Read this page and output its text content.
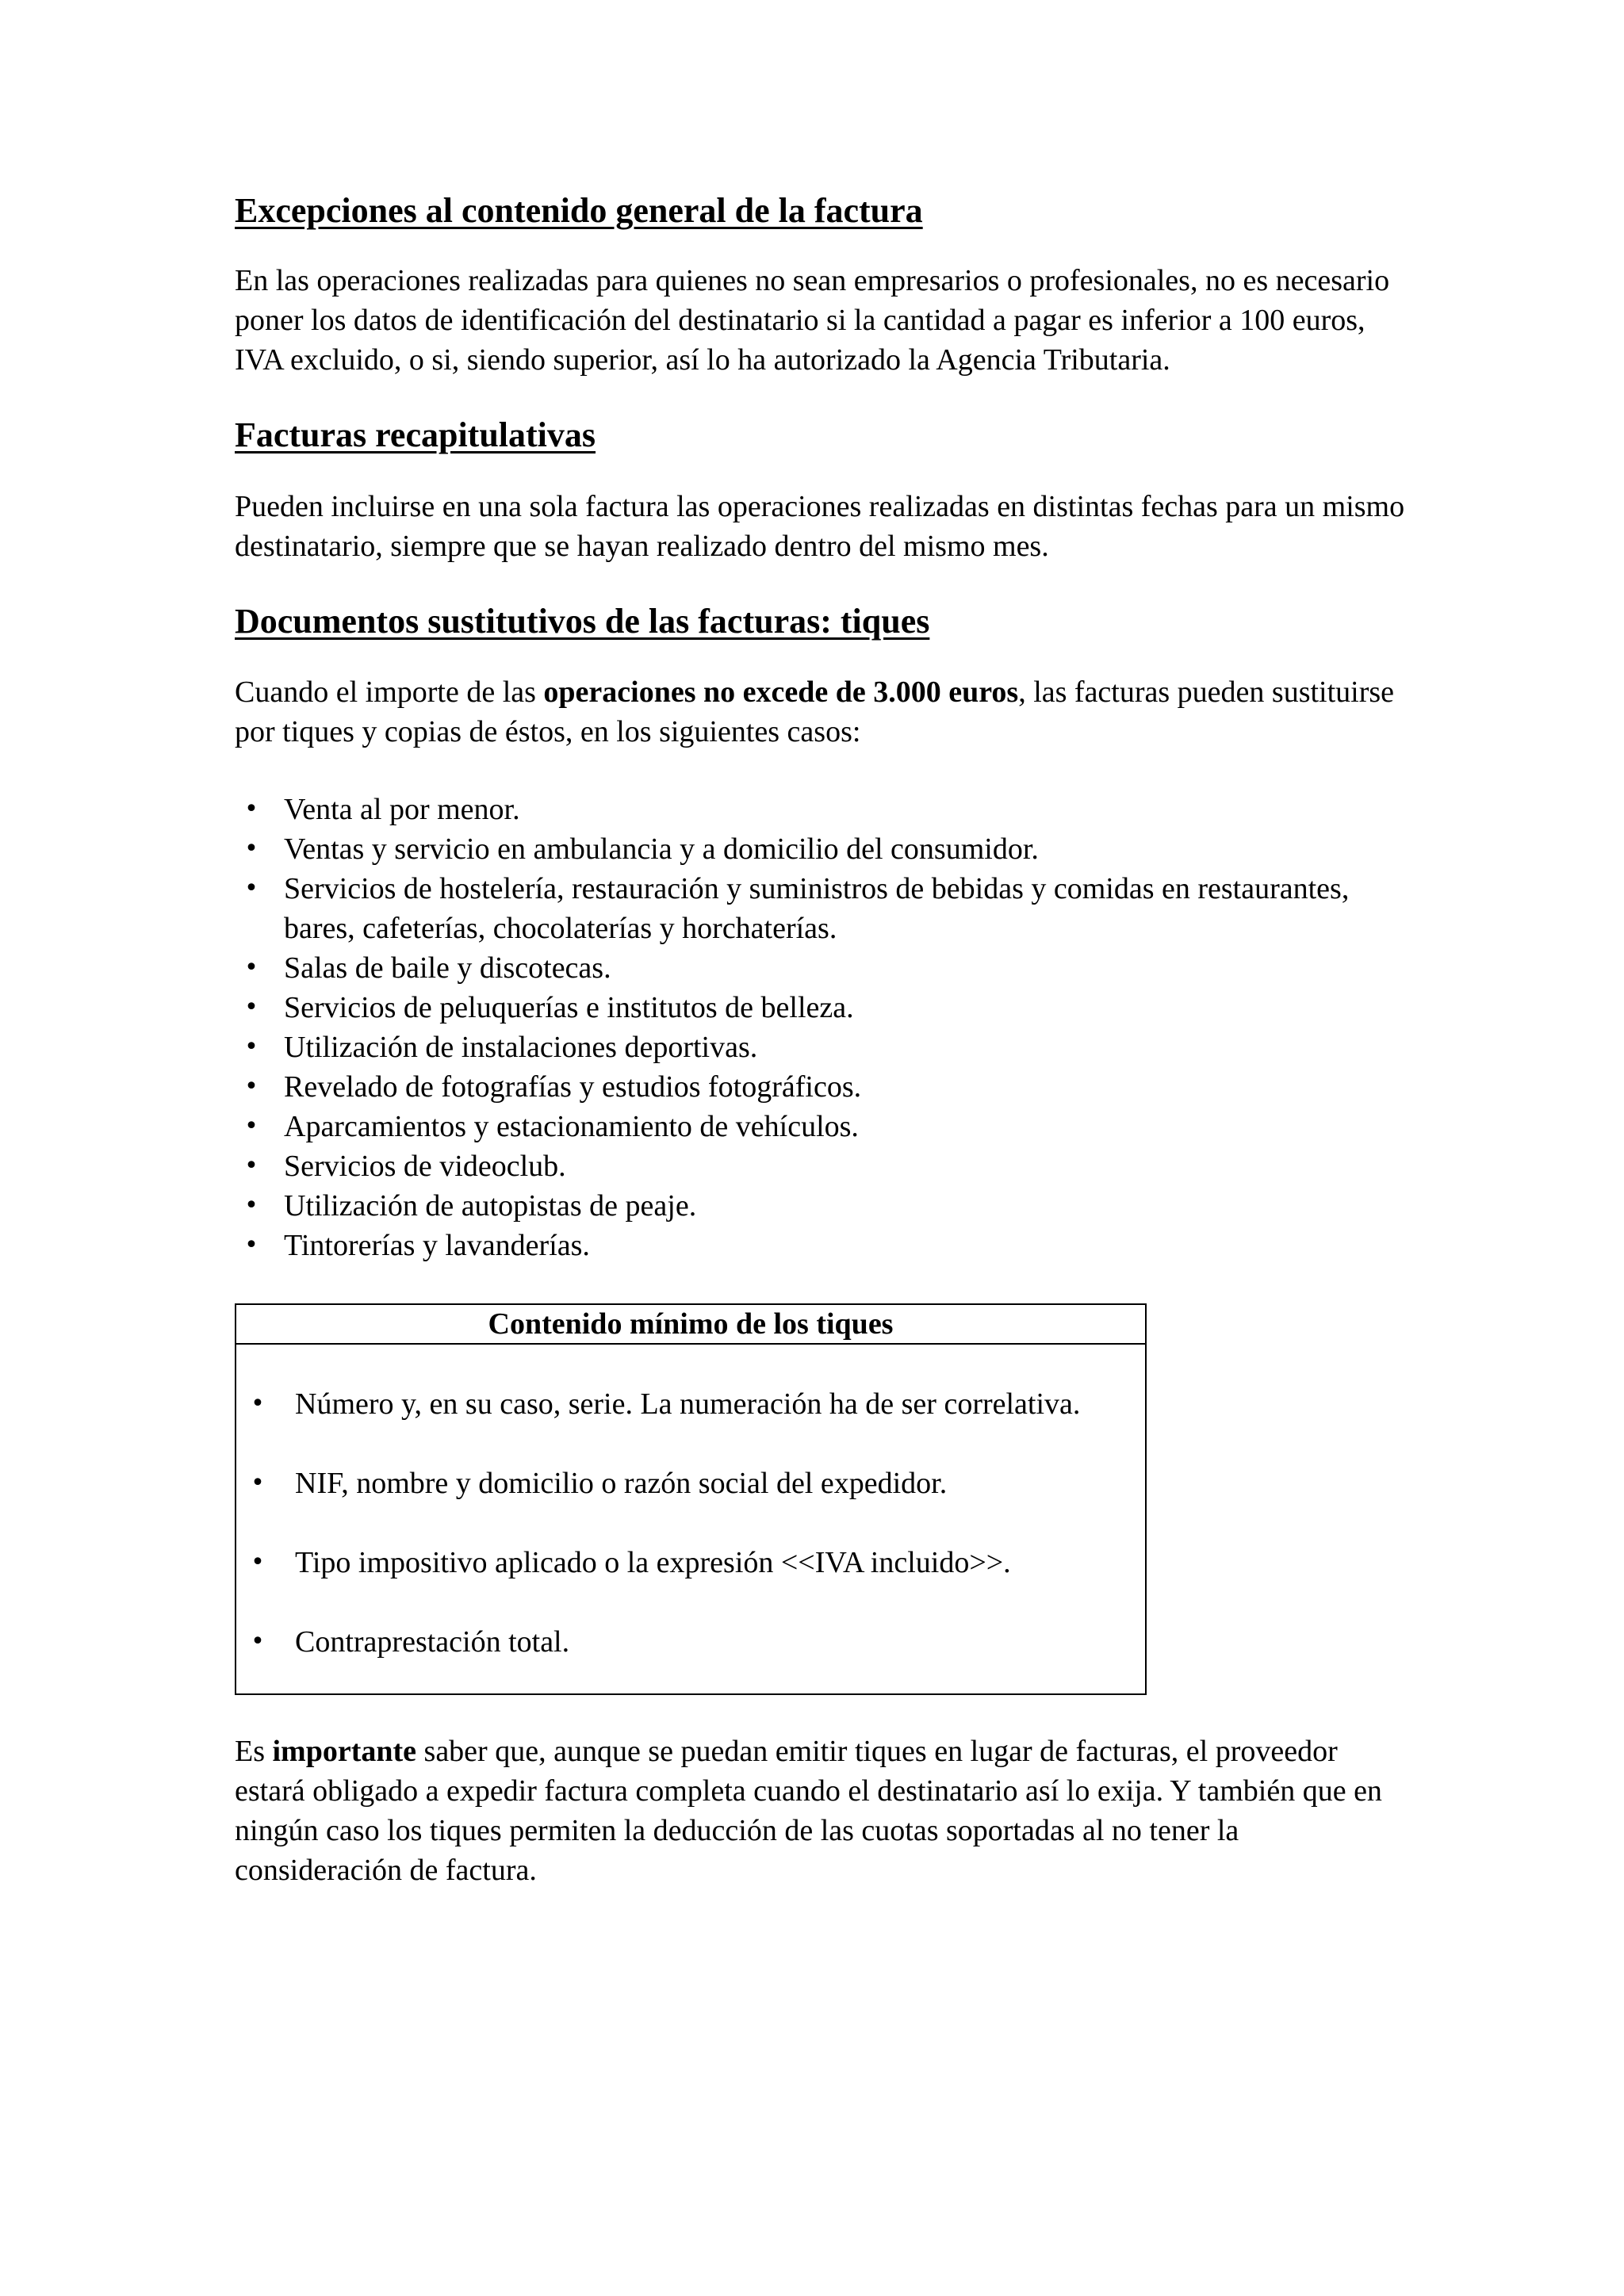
Excepciones al contenido general de la factura

En las operaciones realizadas para quienes no sean empresarios o profesionales, no es necesario poner los datos de identificación del destinatario si la cantidad a pagar es inferior a 100 euros, IVA excluido, o si, siendo superior, así lo ha autorizado la Agencia Tributaria.

Facturas recapitulativas

Pueden incluirse en una sola factura las operaciones realizadas en distintas fechas para un mismo destinatario, siempre que se hayan realizado dentro del mismo mes.

Documentos sustitutivos de las facturas: tiques

Cuando el importe de las operaciones no excede de 3.000 euros, las facturas pueden sustituirse por tiques y copias de éstos, en los siguientes casos:

• Venta al por menor.
• Ventas y servicio en ambulancia y a domicilio del consumidor.
• Servicios de hostelería, restauración y suministros de bebidas y comidas en restaurantes, bares, cafeterías, chocolaterías y horchaterías.
• Salas de baile y discotecas.
• Servicios de peluquerías e institutos de belleza.
• Utilización de instalaciones deportivas.
• Revelado de fotografías y estudios fotográficos.
• Aparcamientos y estacionamiento de vehículos.
• Servicios de videoclub.
• Utilización de autopistas de peaje.
• Tintorerías y lavanderías.
Contenido mínimo de los tiques
• Número y, en su caso, serie. La numeración ha de ser correlativa.
• NIF, nombre y domicilio o razón social del expedidor.
• Tipo impositivo aplicado o la expresión <<IVA incluido>>.
• Contraprestación total.

Es importante saber que, aunque se puedan emitir tiques en lugar de facturas, el proveedor estará obligado a expedir factura completa cuando el destinatario así lo exija. Y también que en ningún caso los tiques permiten la deducción de las cuotas soportadas al no tener la consideración de factura.
